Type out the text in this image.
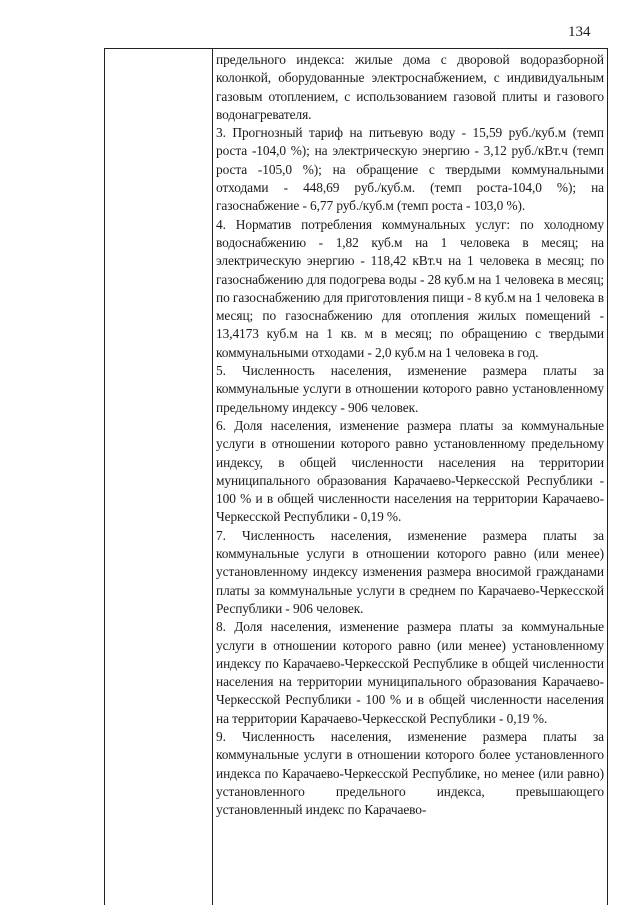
134

предельного индекса: жилые дома с дворовой водоразборной колонкой, оборудованные электроснабжением, с индивидуальным газовым отоплением, с использованием газовой плиты и газового водонагревателя.

3. Прогнозный тариф на питьевую воду - 15,59 руб./куб.м (темп роста -104,0 %); на электрическую энергию - 3,12 руб./кВт.ч (темп роста -105,0 %); на обращение с твердыми коммунальными отходами - 448,69 руб./куб.м. (темп роста-104,0 %); на газоснабжение - 6,77 руб./куб.м (темп роста - 103,0 %).

4. Норматив потребления коммунальных услуг: по холодному водоснабжению - 1,82 куб.м на 1 человека в месяц; на электрическую энергию - 118,42 кВт.ч на 1 человека в месяц; по газоснабжению для подогрева воды - 28 куб.м на 1 человека в месяц; по газоснабжению для приготовления пищи - 8 куб.м на 1 человека в месяц; по газоснабжению для отопления жилых помещений - 13,4173 куб.м на 1 кв. м в месяц; по обращению с твердыми коммунальными отходами - 2,0 куб.м на 1 человека в год.

5. Численность населения, изменение размера платы за коммунальные услуги в отношении которого равно установленному предельному индексу - 906 человек.

6. Доля населения, изменение размера платы за коммунальные услуги в отношении которого равно установленному предельному индексу, в общей численности населения на территории муниципального образования Карачаево-Черкесской Республики - 100 % и в общей численности населения на территории Карачаево-Черкесской Республики - 0,19 %.

7. Численность населения, изменение размера платы за коммунальные услуги в отношении которого равно (или менее) установленному индексу изменения размера вносимой гражданами платы за коммунальные услуги в среднем по Карачаево-Черкесской Республики - 906 человек.

8. Доля населения, изменение размера платы за коммунальные услуги в отношении которого равно (или менее) установленному индексу по Карачаево-Черкесской Республике в общей численности населения на территории муниципального образования Карачаево-Черкесской Республики - 100 % и в общей численности населения на территории Карачаево-Черкесской Республики - 0,19 %.

9. Численность населения, изменение размера платы за коммунальные услуги в отношении которого более установленного индекса по Карачаево-Черкесской Республике, но менее (или равно) установленного предельного индекса, превышающего установленный индекс по Карачаево-
